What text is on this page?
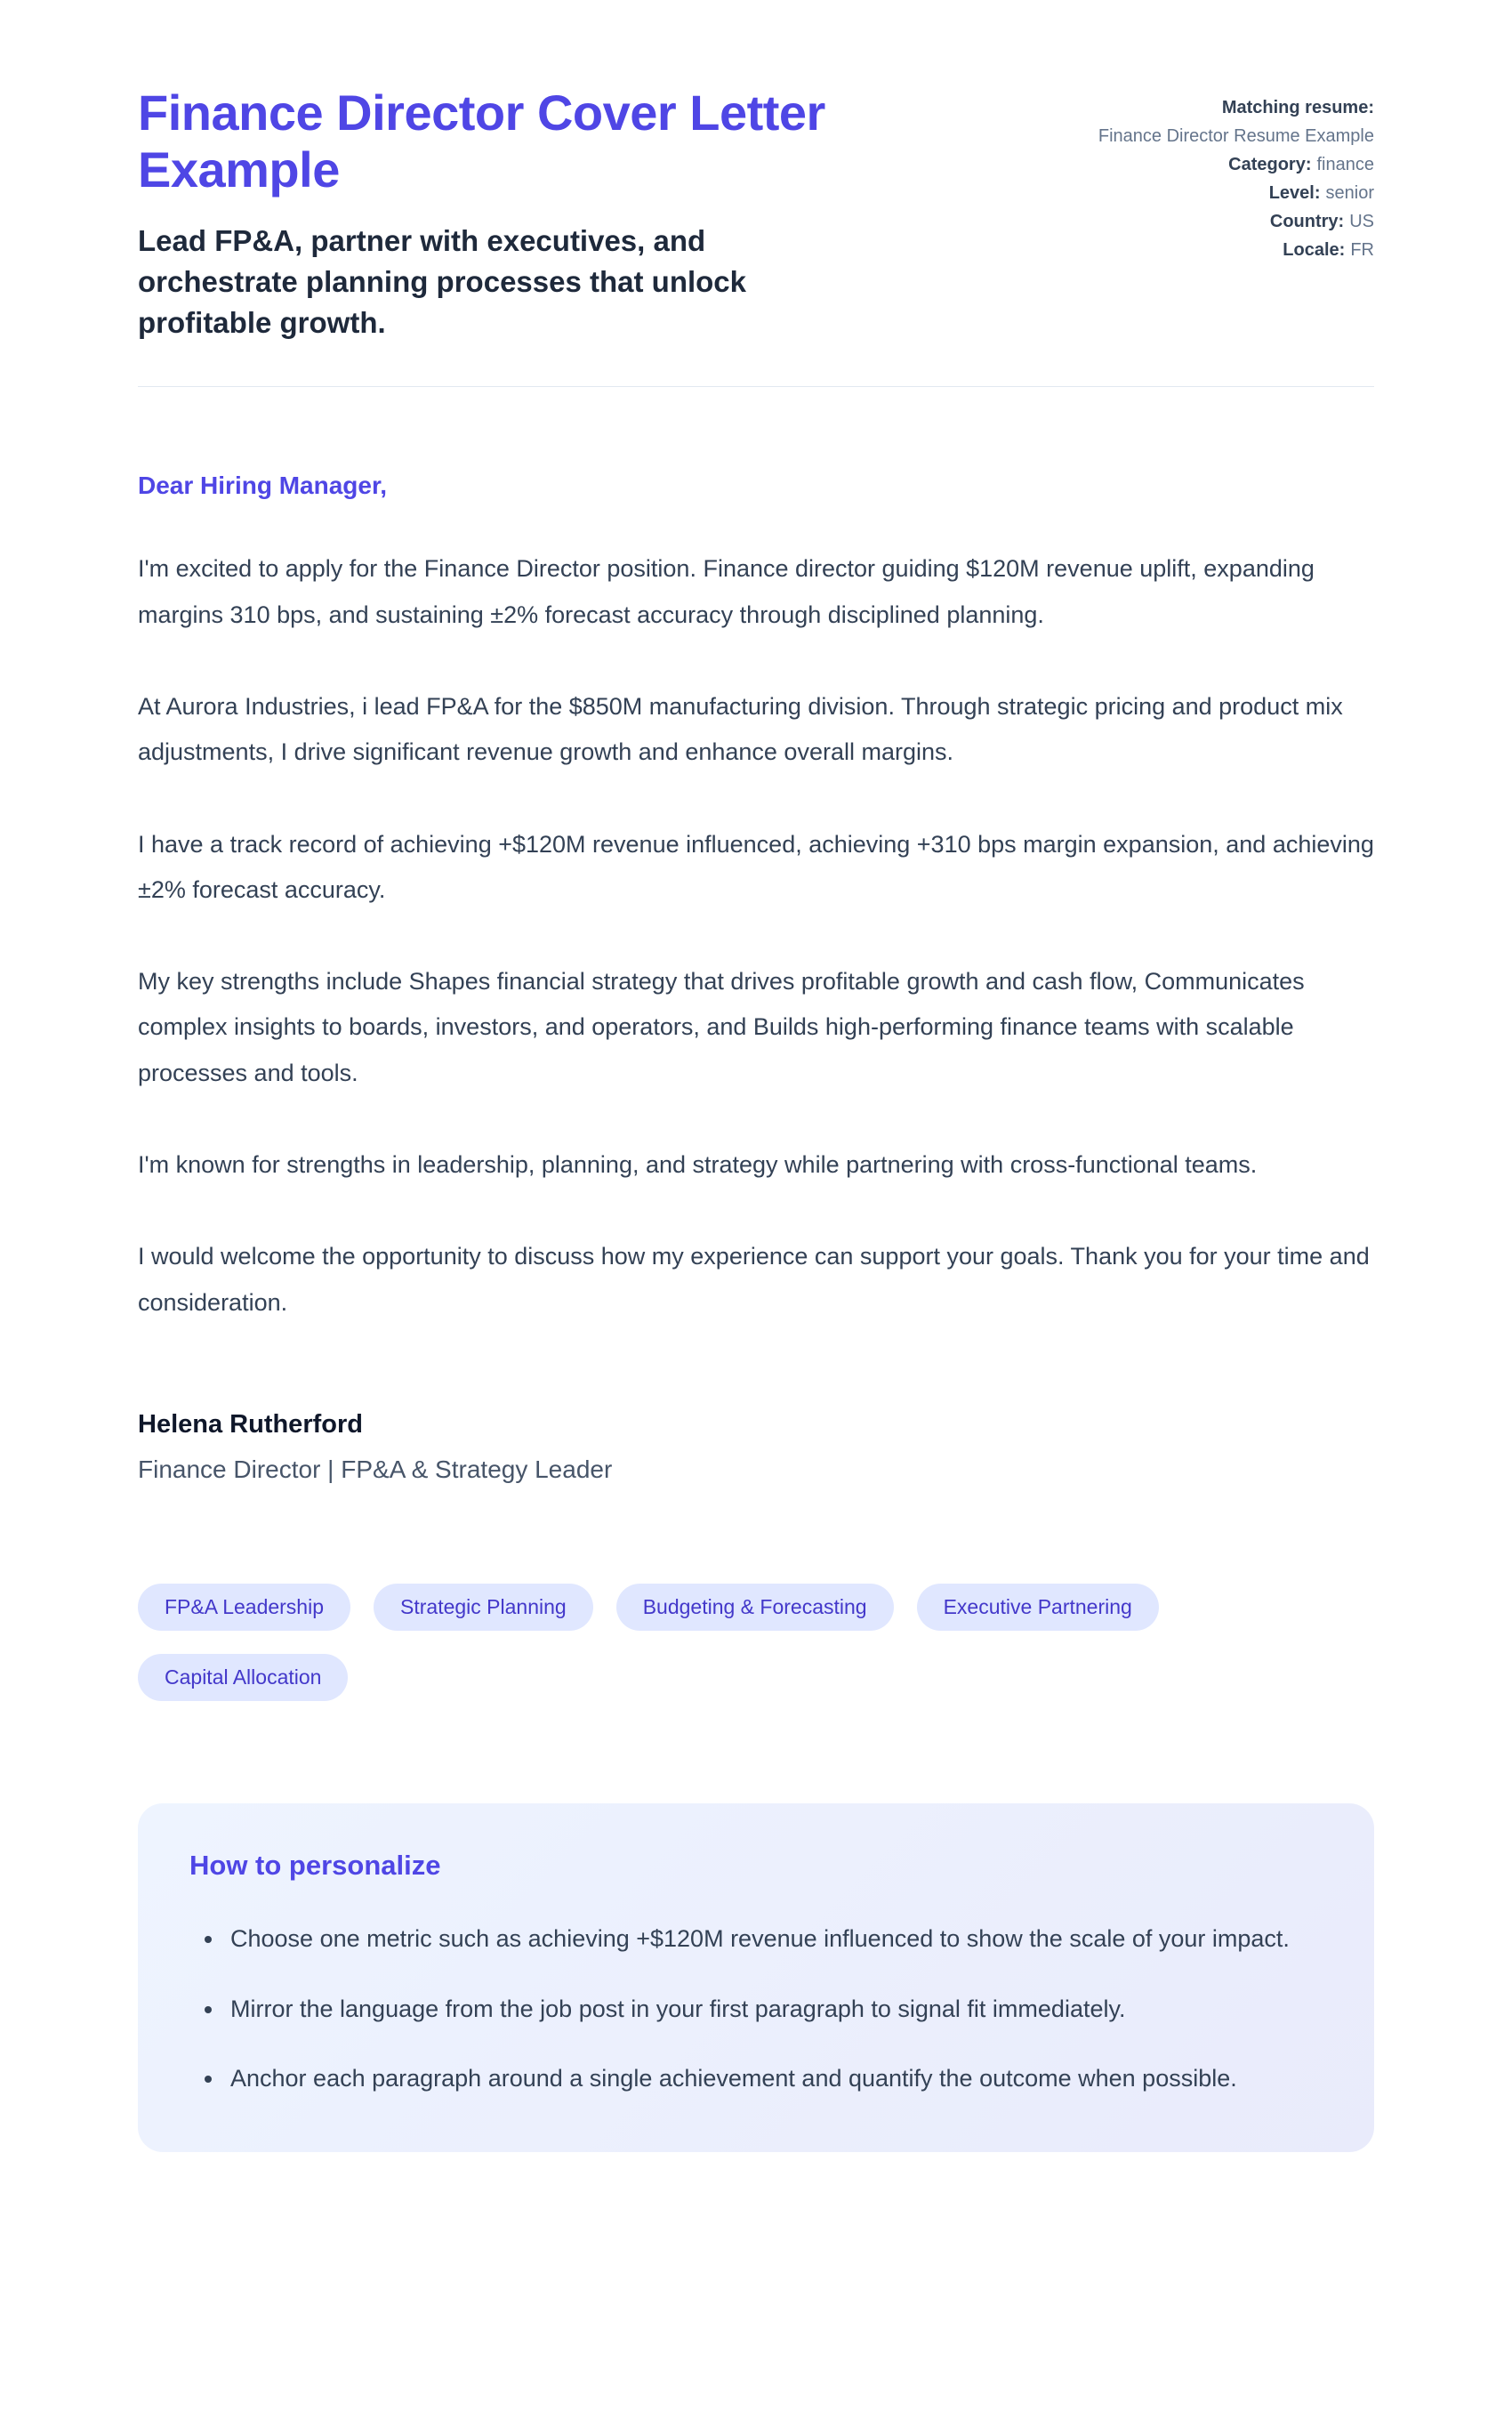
Finance Director Cover Letter Example

Lead FP&A, partner with executives, and orchestrate planning processes that unlock profitable growth.

Matching resume:
Finance Director Resume Example
Category: finance
Level: senior
Country: US
Locale: FR

Dear Hiring Manager,

I'm excited to apply for the Finance Director position. Finance director guiding $120M revenue uplift, expanding margins 310 bps, and sustaining ±2% forecast accuracy through disciplined planning.

At Aurora Industries, i lead FP&A for the $850M manufacturing division. Through strategic pricing and product mix adjustments, I drive significant revenue growth and enhance overall margins.

I have a track record of achieving +$120M revenue influenced, achieving +310 bps margin expansion, and achieving ±2% forecast accuracy.

My key strengths include Shapes financial strategy that drives profitable growth and cash flow, Communicates complex insights to boards, investors, and operators, and Builds high-performing finance teams with scalable processes and tools.

I'm known for strengths in leadership, planning, and strategy while partnering with cross-functional teams.

I would welcome the opportunity to discuss how my experience can support your goals. Thank you for your time and consideration.

Helena Rutherford

Finance Director | FP&A & Strategy Leader

FP&A Leadership	Strategic Planning	Budgeting & Forecasting	Executive Partnering
Capital Allocation
How to personalize
• Choose one metric such as achieving +$120M revenue influenced to show the scale of your impact.
• Mirror the language from the job post in your first paragraph to signal fit immediately.
• Anchor each paragraph around a single achievement and quantify the outcome when possible.
